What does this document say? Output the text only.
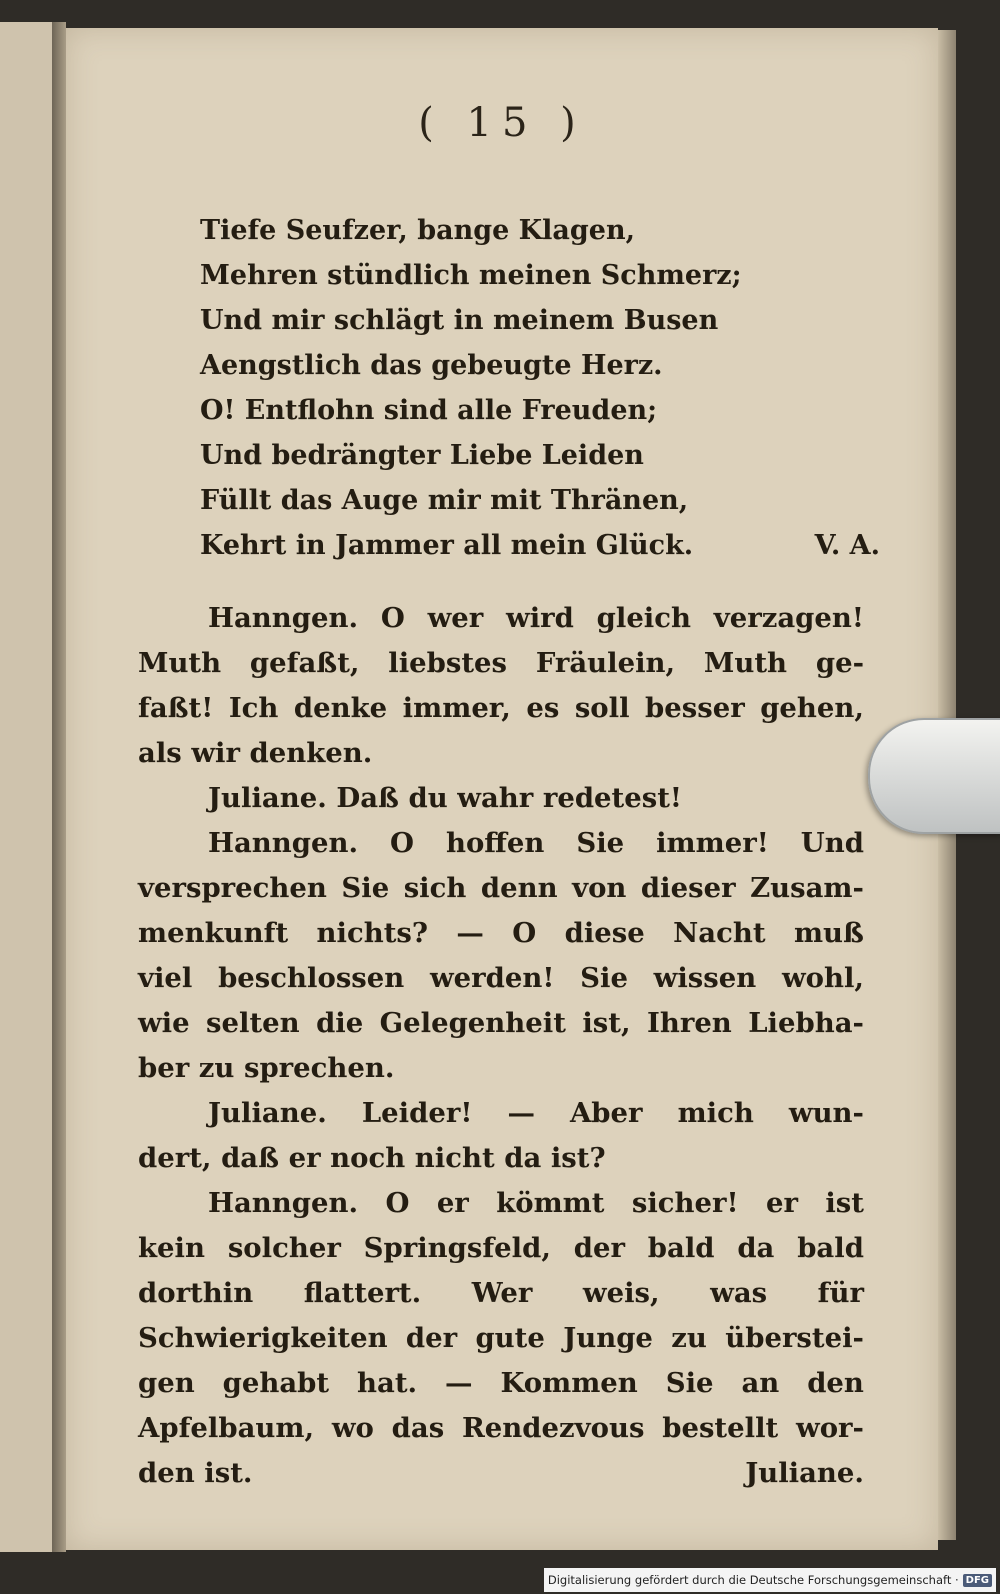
( 15 )
Tiefe Seufzer, bange Klagen,
Mehren stündlich meinen Schmerz;
Und mir schlägt in meinem Busen
Aengstlich das gebeugte Herz.
O! Entflohn sind alle Freuden;
Und bedrängter Liebe Leiden
Füllt das Auge mir mit Thränen,
Kehrt in Jammer all mein Glück.	V. A.
Hanngen. O wer wird gleich verzagen!
Muth gefaßt, liebstes Fräulein, Muth ge-
faßt! Ich denke immer, es soll besser gehen,
als wir denken.
Juliane. Daß du wahr redetest!
Hanngen. O hoffen Sie immer! Und
versprechen Sie sich denn von dieser Zusam-
menkunft nichts? — O diese Nacht muß
viel beschlossen werden! Sie wissen wohl,
wie selten die Gelegenheit ist, Ihren Liebha-
ber zu sprechen.
Juliane. Leider! — Aber mich wun-
dert, daß er noch nicht da ist?
Hanngen. O er kömmt sicher! er ist
kein solcher Springsfeld, der bald da bald
dorthin flattert. Wer weis, was für
Schwierigkeiten der gute Junge zu überstei-
gen gehabt hat. — Kommen Sie an den
Apfelbaum, wo das Rendezvous bestellt wor-
den ist.	Juliane.
Digitalisierung gefördert durch die Deutsche Forschungsgemeinschaft · DFG
